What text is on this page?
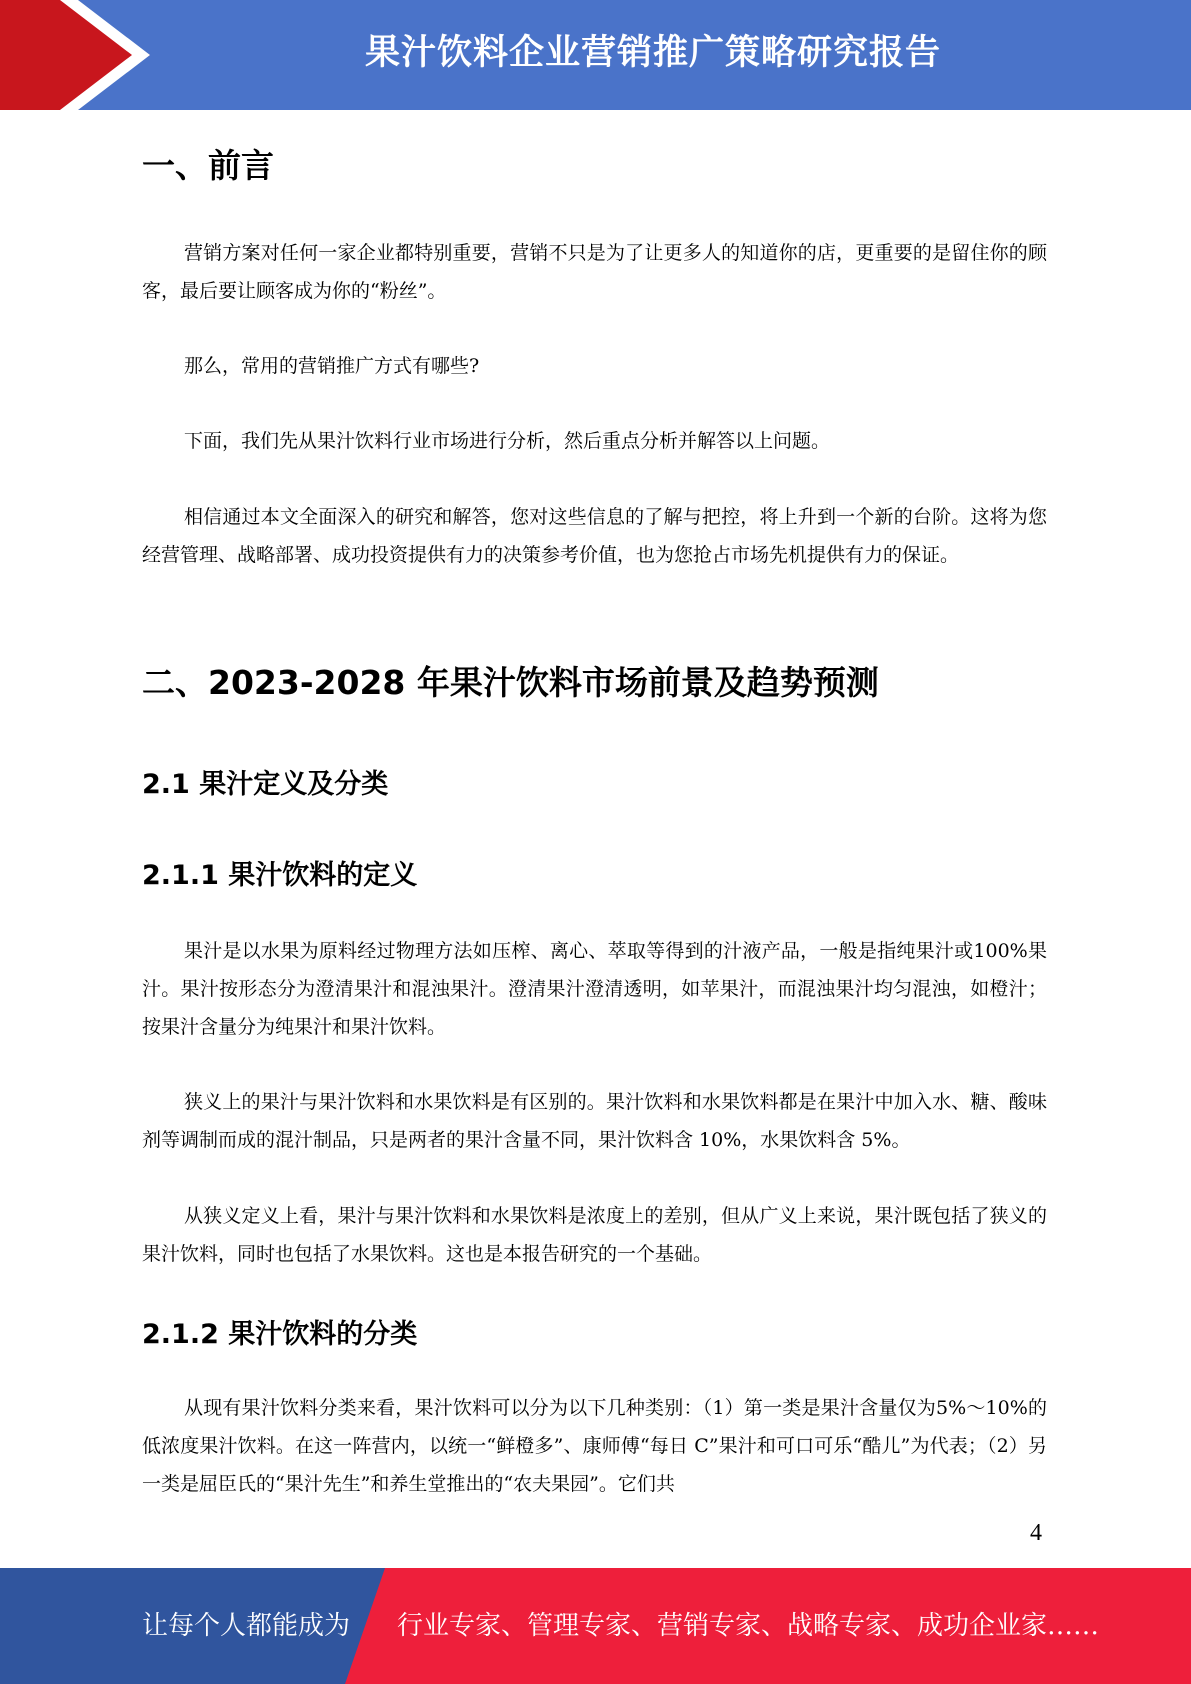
果汁饮料企业营销推广策略研究报告
一、前言
营销方案对任何一家企业都特别重要，营销不只是为了让更多人的知道你的店，更重要的是留住你的顾客，最后要让顾客成为你的“粉丝”。
那么，常用的营销推广方式有哪些?
下面，我们先从果汁饮料行业市场进行分析，然后重点分析并解答以上问题。
相信通过本文全面深入的研究和解答，您对这些信息的了解与把控，将上升到一个新的台阶。这将为您经营管理、战略部署、成功投资提供有力的决策参考价值，也为您抢占市场先机提供有力的保证。
二、2023-2028 年果汁饮料市场前景及趋势预测
2.1 果汁定义及分类
2.1.1 果汁饮料的定义
果汁是以水果为原料经过物理方法如压榨、离心、萃取等得到的汁液产品，一般是指纯果汁或100%果汁。果汁按形态分为澄清果汁和混浊果汁。澄清果汁澄清透明，如苹果汁，而混浊果汁均匀混浊，如橙汁；按果汁含量分为纯果汁和果汁饮料。
狭义上的果汁与果汁饮料和水果饮料是有区别的。果汁饮料和水果饮料都是在果汁中加入水、糖、酸味剂等调制而成的混汁制品，只是两者的果汁含量不同，果汁饮料含 10%，水果饮料含 5%。
从狭义定义上看，果汁与果汁饮料和水果饮料是浓度上的差别，但从广义上来说，果汁既包括了狭义的果汁饮料，同时也包括了水果饮料。这也是本报告研究的一个基础。
2.1.2 果汁饮料的分类
从现有果汁饮料分类来看，果汁饮料可以分为以下几种类别：（1）第一类是果汁含量仅为5%～10%的低浓度果汁饮料。在这一阵营内，以统一“鲜橙多”、康师傅“每日 C”果汁和可口可乐“酷儿”为代表；（2）另一类是屈臣氏的“果汁先生”和养生堂推出的“农夫果园”。它们共
4
让每个人都能成为 行业专家、管理专家、营销专家、战略专家、成功企业家……
